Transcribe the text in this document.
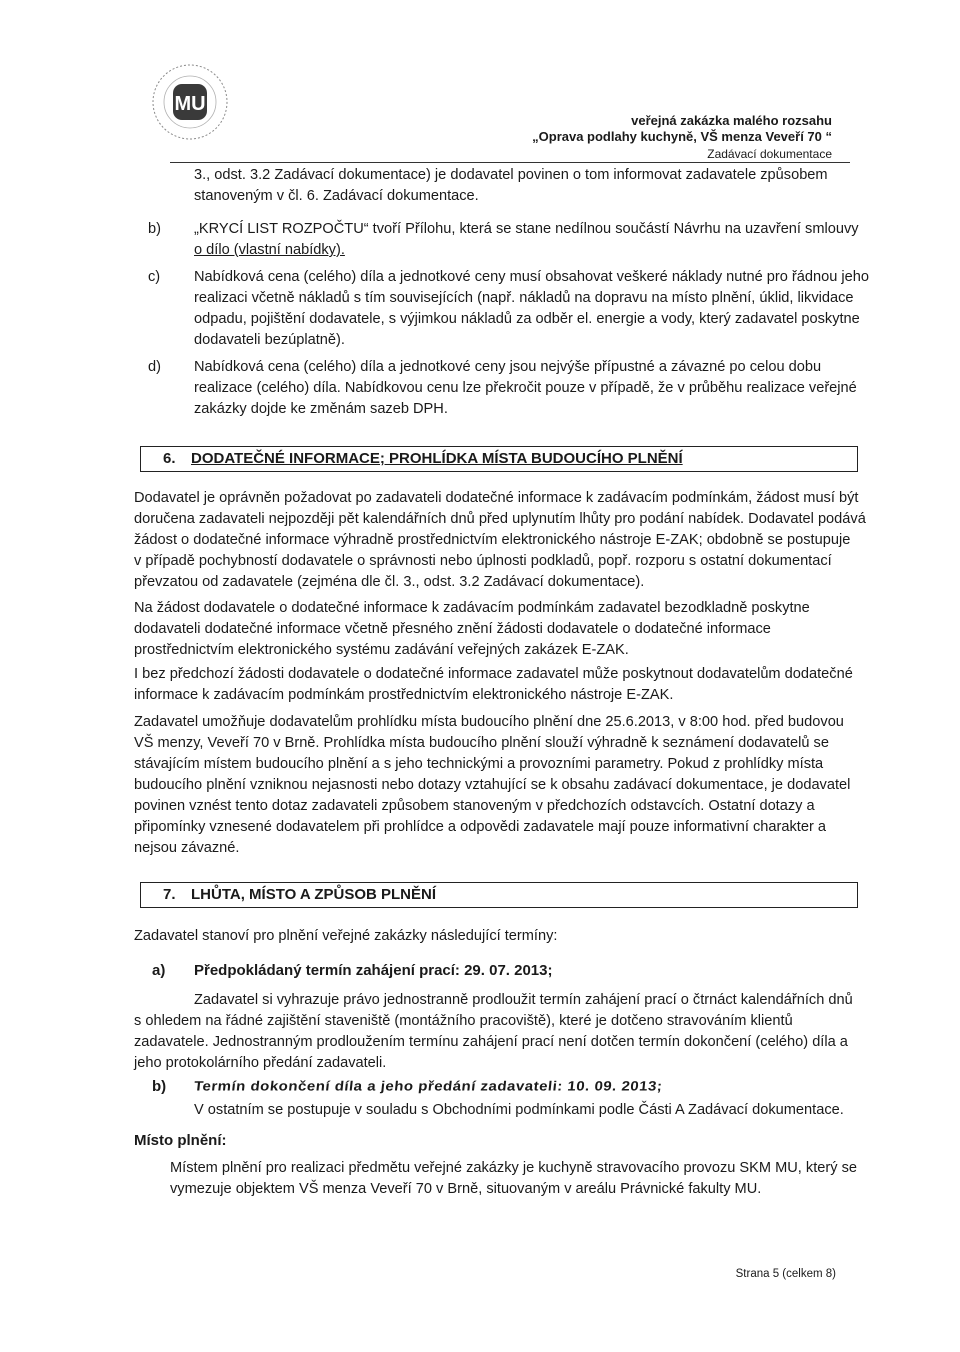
MU
veřejná zakázka malého rozsahu
„Oprava podlahy kuchyně, VŠ menza Veveří 70 “
Zadávací dokumentace
3., odst. 3.2 Zadávací dokumentace) je dodavatel povinen o tom informovat zadavatele způsobem
stanoveným v čl. 6. Zadávací dokumentace.
b) „KRYCÍ LIST ROZPOČTU“ tvoří Přílohu, která se stane nedílnou součástí Návrhu na uzavření smlouvy
o dílo (vlastní nabídky).
c) Nabídková cena (celého) díla a jednotkové ceny musí obsahovat veškeré náklady nutné pro řádnou jeho
realizaci včetně nákladů s tím souvisejících (např. nákladů na dopravu na místo plnění, úklid, likvidace
odpadu, pojištění dodavatele, s výjimkou nákladů za odběr el. energie a vody, který zadavatel poskytne
dodavateli bezúplatně).
d) Nabídková cena (celého) díla a jednotkové ceny jsou nejvýše přípustné a závazné po celou dobu
realizace (celého) díla. Nabídkovou cenu lze překročit pouze v případě, že v průběhu realizace veřejné
zakázky dojde ke změnám sazeb DPH.
6. DODATEČNÉ INFORMACE; PROHLÍDKA MÍSTA BUDOUCÍHO PLNĚNÍ
Dodavatel je oprávněn požadovat po zadavateli dodatečné informace k zadávacím podmínkám, žádost musí být
doručena zadavateli nejpozději pět kalendářních dnů před uplynutím lhůty pro podání nabídek. Dodavatel podává
žádost o dodatečné informace výhradně prostřednictvím elektronického nástroje E-ZAK; obdobně se postupuje
v případě pochybností dodavatele o správnosti nebo úplnosti podkladů, popř. rozporu s ostatní dokumentací
převzatou od zadavatele (zejména dle čl. 3., odst. 3.2 Zadávací dokumentace).
Na žádost dodavatele o dodatečné informace k zadávacím podmínkám zadavatel bezodkladně poskytne
dodavateli dodatečné informace včetně přesného znění žádosti dodavatele o dodatečné informace
prostřednictvím elektronického systému zadávání veřejných zakázek E-ZAK.
I bez předchozí žádosti dodavatele o dodatečné informace zadavatel může poskytnout dodavatelům dodatečné
informace k zadávacím podmínkám prostřednictvím elektronického nástroje E-ZAK.
Zadavatel umožňuje dodavatelům prohlídku místa budoucího plnění dne 25.6.2013, v 8:00 hod. před budovou
VŠ menzy, Veveří 70 v Brně. Prohlídka místa budoucího plnění slouží výhradně k seznámení dodavatelů se
stávajícím místem budoucího plnění a s jeho technickými a provozními parametry. Pokud z prohlídky místa
budoucího plnění vzniknou nejasnosti nebo dotazy vztahující se k obsahu zadávací dokumentace, je dodavatel
povinen vznést tento dotaz zadavateli způsobem stanoveným v předchozích odstavcích. Ostatní dotazy a
připomínky vznesené dodavatelem při prohlídce a odpovědi zadavatele mají pouze informativní charakter a
nejsou závazné.
7. LHŮTA, MÍSTO A ZPŮSOB PLNĚNÍ
Zadavatel stanoví pro plnění veřejné zakázky následující termíny:
a) Předpokládaný termín zahájení prací: 29. 07. 2013;
Zadavatel si vyhrazuje právo jednostranně prodloužit termín zahájení prací o čtrnáct kalendářních dnů
s ohledem na řádné zajištění staveniště (montážního pracoviště), které je dotčeno stravováním klientů
zadavatele. Jednostranným prodloužením termínu zahájení prací není dotčen termín dokončení (celého) díla a
jeho protokolárního předání zadavateli.
b) Termín dokončení díla a jeho předání zadavateli: 10. 09. 2013;
V ostatním se postupuje v souladu s Obchodními podmínkami podle Části A Zadávací dokumentace.
Místo plnění:
Místem plnění pro realizaci předmětu veřejné zakázky je kuchyně stravovacího provozu SKM MU, který se
vymezuje objektem VŠ menza Veveří 70 v Brně, situovaným v areálu Právnické fakulty MU.
Strana 5 (celkem 8)
